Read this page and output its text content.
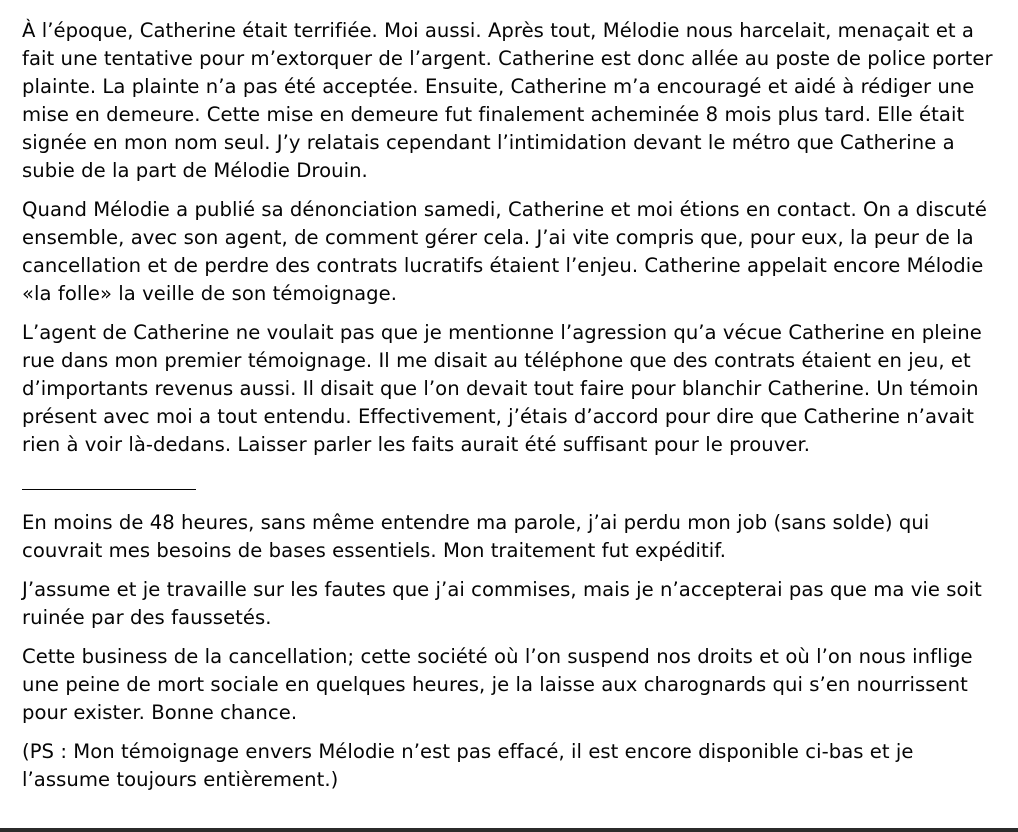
À l’époque, Catherine était terrifiée. Moi aussi. Après tout, Mélodie nous harcelait, menaçait et a fait une tentative pour m’extorquer de l’argent. Catherine est donc allée au poste de police porter plainte. La plainte n’a pas été acceptée. Ensuite, Catherine m’a encouragé et aidé à rédiger une mise en demeure. Cette mise en demeure fut finalement acheminée 8 mois plus tard. Elle était signée en mon nom seul. J’y relatais cependant l’intimidation devant le métro que Catherine a subie de la part de Mélodie Drouin.

Quand Mélodie a publié sa dénonciation samedi, Catherine et moi étions en contact. On a discuté ensemble, avec son agent, de comment gérer cela. J’ai vite compris que, pour eux, la peur de la cancellation et de perdre des contrats lucratifs étaient l’enjeu. Catherine appelait encore Mélodie «la folle» la veille de son témoignage.

L’agent de Catherine ne voulait pas que je mentionne l’agression qu’a vécue Catherine en pleine rue dans mon premier témoignage. Il me disait au téléphone que des contrats étaient en jeu, et d’importants revenus aussi. Il disait que l’on devait tout faire pour blanchir Catherine. Un témoin présent avec moi a tout entendu. Effectivement, j’étais d’accord pour dire que Catherine n’avait rien à voir là-dedans. Laisser parler les faits aurait été suffisant pour le prouver.

En moins de 48 heures, sans même entendre ma parole, j’ai perdu mon job (sans solde) qui couvrait mes besoins de bases essentiels. Mon traitement fut expéditif.

J’assume et je travaille sur les fautes que j’ai commises, mais je n’accepterai pas que ma vie soit ruinée par des faussetés.

Cette business de la cancellation; cette société où l’on suspend nos droits et où l’on nous inflige une peine de mort sociale en quelques heures, je la laisse aux charognards qui s’en nourrissent pour exister. Bonne chance.

(PS : Mon témoignage envers Mélodie n’est pas effacé, il est encore disponible ci-bas et je l’assume toujours entièrement.)
